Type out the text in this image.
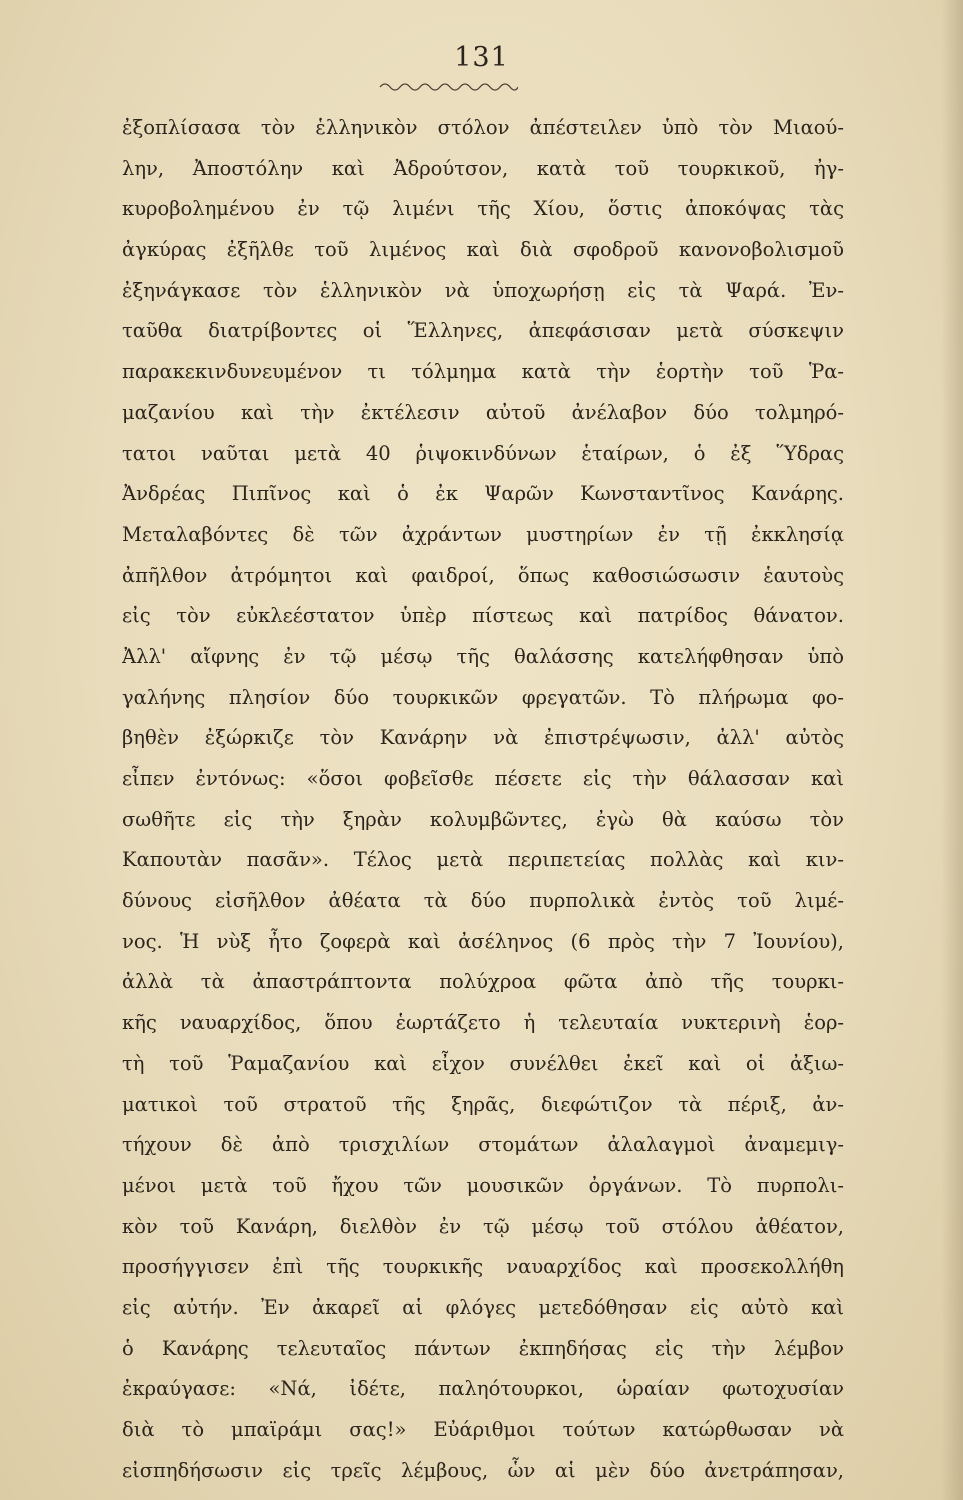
131
ἐξοπλίσασα τὸν ἑλληνικὸν στόλον ἀπέστειλεν ὑπὸ τὸν Μιαού-
λην, Ἀποστόλην καὶ Ἀδρούτσον, κατὰ τοῦ τουρκικοῦ, ἠγ-
κυροβολημένου ἐν τῷ λιμένι τῆς Χίου, ὅστις ἀποκόψας τὰς
ἀγκύρας ἐξῆλθε τοῦ λιμένος καὶ διὰ σφοδροῦ κανονοβολισμοῦ
ἐξηνάγκασε τὸν ἑλληνικὸν νὰ ὑποχωρήσῃ εἰς τὰ Ψαρά. Ἐν-
ταῦθα διατρίβοντες οἱ Ἕλληνες, ἀπεφάσισαν μετὰ σύσκεψιν
παρακεκινδυνευμένον τι τόλμημα κατὰ τὴν ἑορτὴν τοῦ Ῥα-
μαζανίου καὶ τὴν ἐκτέλεσιν αὐτοῦ ἀνέλαβον δύο τολμηρό-
τατοι ναῦται μετὰ 40 ῥιψοκινδύνων ἑταίρων, ὁ ἐξ Ὕδρας
Ἀνδρέας Πιπῖνος καὶ ὁ ἐκ Ψαρῶν Κωνσταντῖνος Κανάρης.
Μεταλαβόντες δὲ τῶν ἀχράντων μυστηρίων ἐν τῇ ἐκκλησίᾳ
ἀπῆλθον ἀτρόμητοι καὶ φαιδροί, ὅπως καθοσιώσωσιν ἑαυτοὺς
εἰς τὸν εὐκλεέστατον ὑπὲρ πίστεως καὶ πατρίδος θάνατον.
Ἀλλ' αἴφνης ἐν τῷ μέσῳ τῆς θαλάσσης κατελήφθησαν ὑπὸ
γαλήνης πλησίον δύο τουρκικῶν φρεγατῶν. Τὸ πλήρωμα φο-
βηθὲν ἐξώρκιζε τὸν Κανάρην νὰ ἐπιστρέψωσιν, ἀλλ' αὐτὸς
εἶπεν ἐντόνως: «ὅσοι φοβεῖσθε πέσετε εἰς τὴν θάλασσαν καὶ
σωθῆτε εἰς τὴν ξηρὰν κολυμβῶντες, ἐγὼ θὰ καύσω τὸν
Καπουτὰν πασᾶν». Τέλος μετὰ περιπετείας πολλὰς καὶ κιν-
δύνους εἰσῆλθον ἀθέατα τὰ δύο πυρπολικὰ ἐντὸς τοῦ λιμέ-
νος. Ἡ νὺξ ἦτο ζοφερὰ καὶ ἀσέληνος (6 πρὸς τὴν 7 Ἰουνίου),
ἀλλὰ τὰ ἀπαστράπτοντα πολύχροα φῶτα ἀπὸ τῆς τουρκι-
κῆς ναυαρχίδος, ὅπου ἑωρτάζετο ἡ τελευταία νυκτερινὴ ἑορ-
τὴ τοῦ Ῥαμαζανίου καὶ εἶχον συνέλθει ἐκεῖ καὶ οἱ ἀξιω-
ματικοὶ τοῦ στρατοῦ τῆς ξηρᾶς, διεφώτιζον τὰ πέριξ, ἀν-
τήχουν δὲ ἀπὸ τρισχιλίων στομάτων ἀλαλαγμοὶ ἀναμεμιγ-
μένοι μετὰ τοῦ ἤχου τῶν μουσικῶν ὀργάνων. Τὸ πυρπολι-
κὸν τοῦ Κανάρη, διελθὸν ἐν τῷ μέσῳ τοῦ στόλου ἀθέατον,
προσήγγισεν ἐπὶ τῆς τουρκικῆς ναυαρχίδος καὶ προσεκολλήθη
εἰς αὐτήν. Ἐν ἀκαρεῖ αἱ φλόγες μετεδόθησαν εἰς αὐτὸ καὶ
ὁ Κανάρης τελευταῖος πάντων ἐκπηδήσας εἰς τὴν λέμβον
ἐκραύγασε: «Νά, ἰδέτε, παληότουρκοι, ὡραίαν φωτοχυσίαν
διὰ τὸ μπαϊράμι σας!» Εὐάριθμοι τούτων κατώρθωσαν νὰ
εἰσπηδήσωσιν εἰς τρεῖς λέμβους, ὧν αἱ μὲν δύο ἀνετράπησαν,
